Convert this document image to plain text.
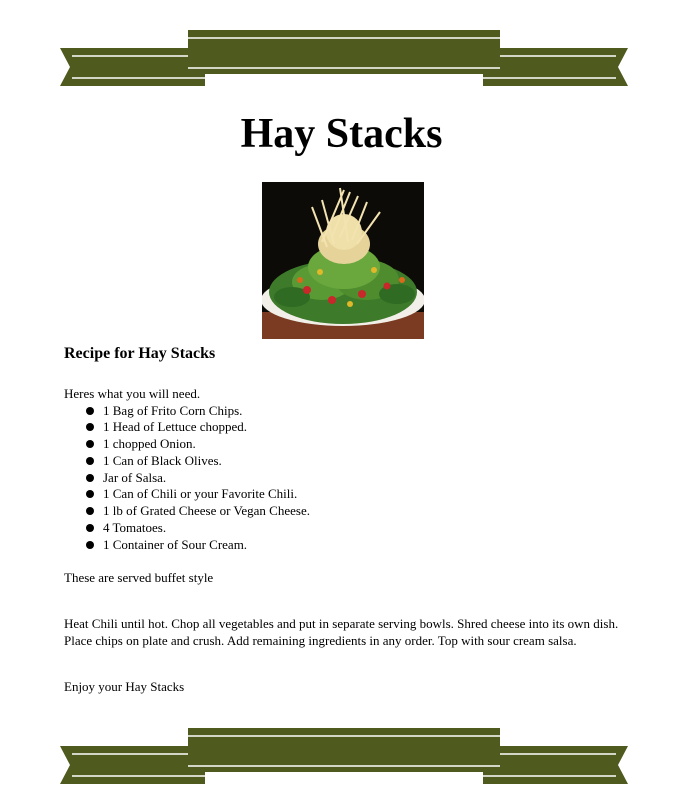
Hay Stacks
Recipe for Hay Stacks

Heres what you will need.

1 Bag of Frito Corn Chips.
1 Head of Lettuce chopped.
1 chopped Onion.
1 Can of Black Olives.
Jar of Salsa.
1 Can of Chili or your Favorite Chili.
1 lb of Grated Cheese or Vegan Cheese.
4 Tomatoes.
1 Container of Sour Cream.

These are served buffet style

Heat Chili until hot. Chop all vegetables and put in separate serving bowls. Shred cheese into its own dish. Place chips on plate and crush. Add remaining ingredients in any order. Top with sour cream salsa.

Enjoy your Hay Stacks
